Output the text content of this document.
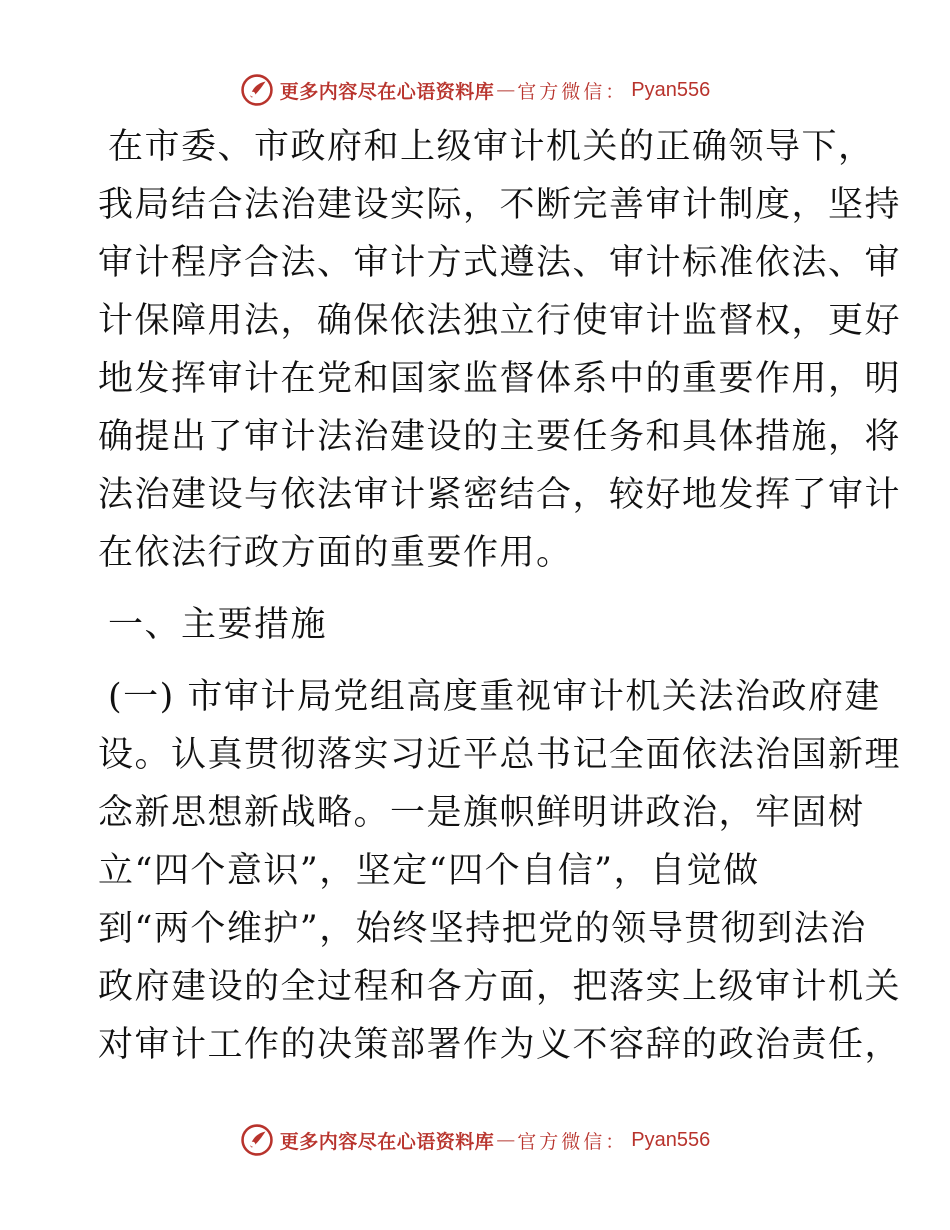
更多内容尽在心语资料库 — 官方微信： Pyan556
在市委、市政府和上级审计机关的正确领导下，
我局结合法治建设实际，不断完善审计制度，坚持
审计程序合法、审计方式遵法、审计标准依法、审
计保障用法，确保依法独立行使审计监督权，更好
地发挥审计在党和国家监督体系中的重要作用，明
确提出了审计法治建设的主要任务和具体措施，将
法治建设与依法审计紧密结合，较好地发挥了审计
在依法行政方面的重要作用。
一、主要措施
(一) 市审计局党组高度重视审计机关法治政府建
设。认真贯彻落实习近平总书记全面依法治国新理
念新思想新战略。一是旗帜鲜明讲政治，牢固树
立“四个意识”，坚定“四个自信”，自觉做
到“两个维护”，始终坚持把党的领导贯彻到法治
政府建设的全过程和各方面，把落实上级审计机关
对审计工作的决策部署作为义不容辞的政治责任，
更多内容尽在心语资料库 — 官方微信： Pyan556
